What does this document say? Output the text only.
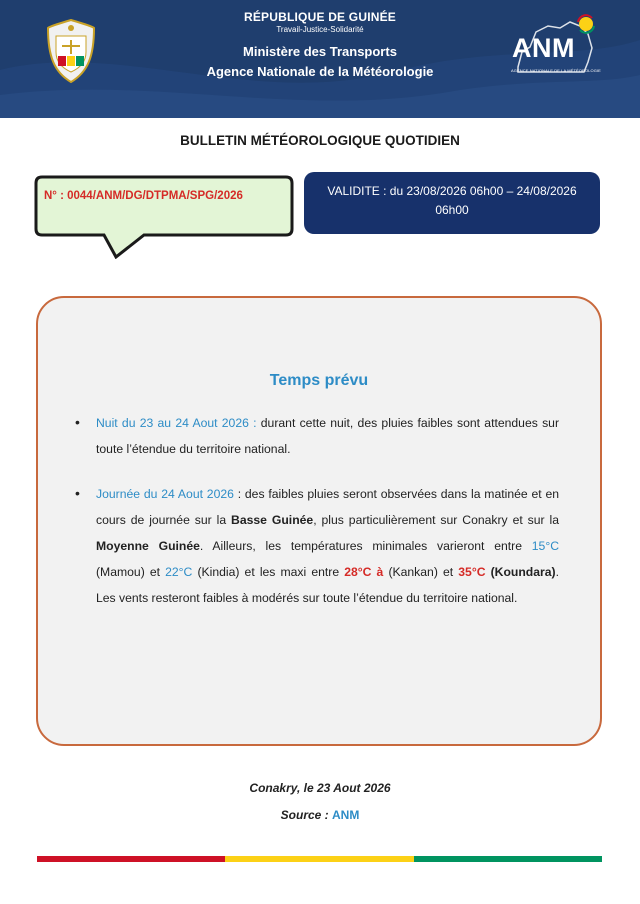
RÉPUBLIQUE DE GUINÉE
Travail-Justice-Solidarité
Ministère des Transports
Agence Nationale de la Météorologie
ANM
AGENCE NATIONALE DE LA MÉTÉOROLOGIE
BULLETIN MÉTÉOROLOGIQUE QUOTIDIEN
N° : 0044/ANM/DG/DTPMA/SPG/2026	VALIDITE : du 23/08/2026 06h00 – 24/08/2026 06h00
Temps prévu
• Nuit du 23 au 24 Aout 2026 : durant cette nuit, des pluies faibles sont attendues sur toute l’étendue du territoire national.
• Journée du 24 Aout 2026 : des faibles pluies seront observées dans la matinée et en cours de journée sur la Basse Guinée, plus particulièrement sur Conakry et sur la Moyenne Guinée. Ailleurs, les températures minimales varieront entre 15°C (Mamou) et 22°C (Kindia) et les maxi entre 28°C à (Kankan) et 35°C (Koundara). Les vents resteront faibles à modérés sur toute l’étendue du territoire national.
Conakry, le 23 Aout 2026
Source : ANM
